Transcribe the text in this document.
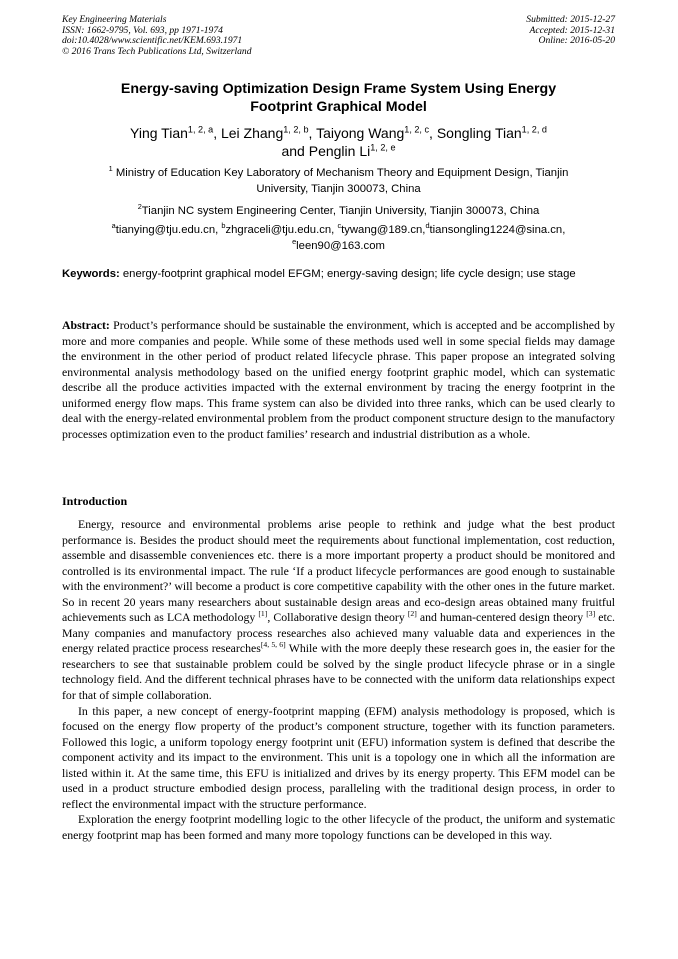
Key Engineering Materials
ISSN: 1662-9795, Vol. 693, pp 1971-1974
doi:10.4028/www.scientific.net/KEM.693.1971
© 2016 Trans Tech Publications Ltd, Switzerland
Submitted: 2015-12-27
Accepted: 2015-12-31
Online: 2016-05-20
Energy-saving Optimization Design Frame System Using Energy
Footprint Graphical Model
Ying Tian$^{1, 2, a}$, Lei Zhang$^{1, 2, b}$, Taiyong Wang$^{1, 2, c}$, Songling Tian$^{1, 2, d}$
and Penglin Li$^{1, 2, e}$
$^1$ Ministry of Education Key Laboratory of Mechanism Theory and Equipment Design, Tianjin
University, Tianjin 300073, China
$^2$Tianjin NC system Engineering Center, Tianjin University, Tianjin 300073, China
$^a$tianying@tju.edu.cn, $^b$zhgraceli@tju.edu.cn, $^c$tywang@189.cn,$^d$tiansongling1224@sina.cn,
$^e$leen90@163.com
Keywords: energy-footprint graphical model EFGM; energy-saving design; life cycle design; use stage
Abstract: Product’s performance should be sustainable the environment, which is accepted and be accomplished by more and more companies and people. While some of these methods used well in some special fields may damage the environment in the other period of product related lifecycle phrase. This paper propose an integrated solving environmental analysis methodology based on the unified energy footprint graphic model, which can systematic describe all the produce activities impacted with the external environment by tracing the energy footprint in the uniformed energy flow maps. This frame system can also be divided into three ranks, which can be used clearly to deal with the energy-related environmental problem from the product component structure design to the manufactory processes optimization even to the product families’ research and industrial distribution as a whole.
Introduction

Energy, resource and environmental problems arise people to rethink and judge what the best product performance is. Besides the product should meet the requirements about functional implementation, cost reduction, assemble and disassemble conveniences etc. there is a more important property a product should be monitored and controlled is its environmental impact. The rule ‘If a product lifecycle performances are good enough to sustainable with the environment?’ will become a product is core competitive capability with the other ones in the future market. So in recent 20 years many researchers about sustainable design areas and eco-design areas obtained many fruitful achievements such as LCA methodology [1], Collaborative design theory [2] and human-centered design theory [3] etc. Many companies and manufactory process researches also achieved many valuable data and experiences in the energy related practice process researches[4, 5, 6] While with the more deeply these research goes in, the easier for the researchers to see that sustainable problem could be solved by the single product lifecycle phrase or in a single technology field. And the different technical phrases have to be connected with the uniform data relationships expect for that of simple collaboration.

In this paper, a new concept of energy-footprint mapping (EFM) analysis methodology is proposed, which is focused on the energy flow property of the product’s component structure, together with its function parameters. Followed this logic, a uniform topology energy footprint unit (EFU) information system is defined that describe the component activity and its impact to the environment. This unit is a topology one in which all the information are listed within it. At the same time, this EFU is initialized and drives by its energy property. This EFM model can be used in a product structure embodied design process, paralleling with the traditional design process, in order to reflect the environmental impact with the structure performance.

Exploration the energy footprint modelling logic to the other lifecycle of the product, the uniform and systematic energy footprint map has been formed and many more topology functions can be developed in this way.
